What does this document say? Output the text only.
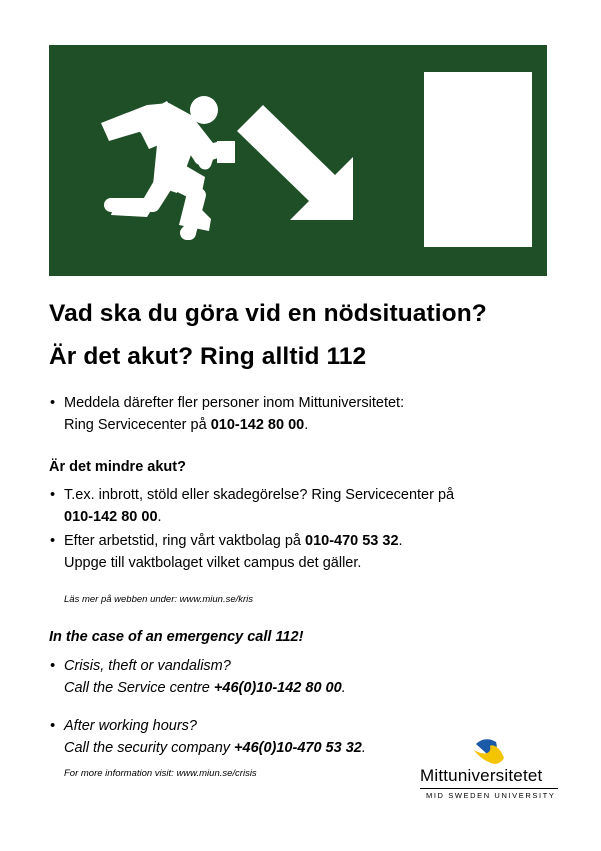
Vad ska du göra vid en nödsituation?
Är det akut? Ring alltid 112
• Meddela därefter fler personer inom Mittuniversitetet:
Ring Servicecenter på 010-142 80 00.
Är det mindre akut?
• T.ex. inbrott, stöld eller skadegörelse? Ring Servicecenter på
010-142 80 00.
• Efter arbetstid, ring vårt vaktbolag på 010-470 53 32.
Uppge till vaktbolaget vilket campus det gäller.
Läs mer på webben under: www.miun.se/kris
In the case of an emergency call 112!
• Crisis, theft or vandalism?
Call the Service centre +46(0)10-142 80 00.
• After working hours?
Call the security company +46(0)10-470 53 32.
For more information visit: www.miun.se/crisis	Mittuniversitetet
MID SWEDEN UNIVERSITY
